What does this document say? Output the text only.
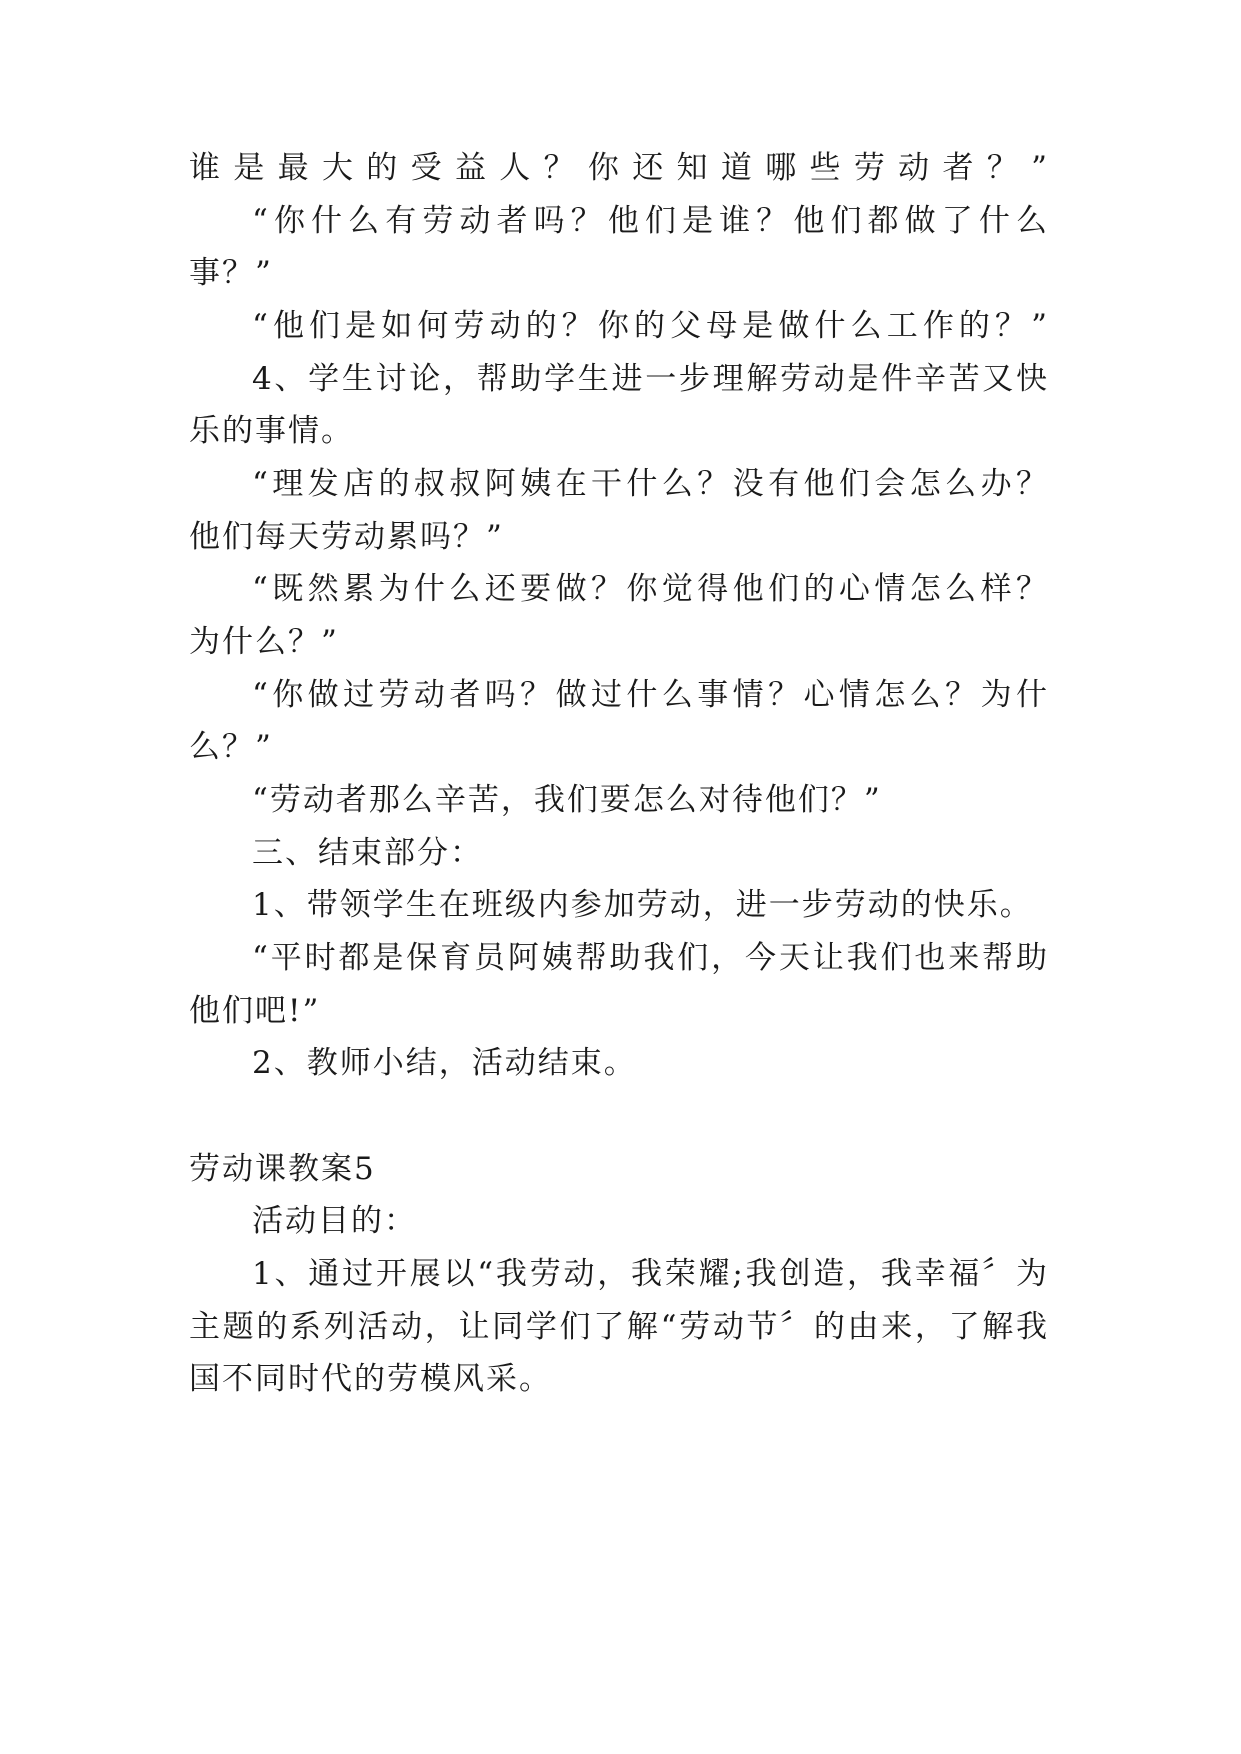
谁是最大的受益人？你还知道哪些劳动者？”
“你什么有劳动者吗？他们是谁？他们都做了什么
事？”
“他们是如何劳动的？你的父母是做什么工作的？”
4、学生讨论，帮助学生进一步理解劳动是件辛苦又快
乐的事情。
“理发店的叔叔阿姨在干什么？没有他们会怎么办？
他们每天劳动累吗？”
“既然累为什么还要做？你觉得他们的心情怎么样？
为什么？”
“你做过劳动者吗？做过什么事情？心情怎么？为什
么？”
“劳动者那么辛苦，我们要怎么对待他们？”
三、结束部分：
1、带领学生在班级内参加劳动，进一步劳动的快乐。
“平时都是保育员阿姨帮助我们，今天让我们也来帮助
他们吧!”
2、教师小结，活动结束。
劳动课教案5
活动目的：
1、通过开展以“我劳动，我荣耀;我创造，我幸福〞为
主题的系列活动，让同学们了解“劳动节〞的由来，了解我
国不同时代的劳模风采。
